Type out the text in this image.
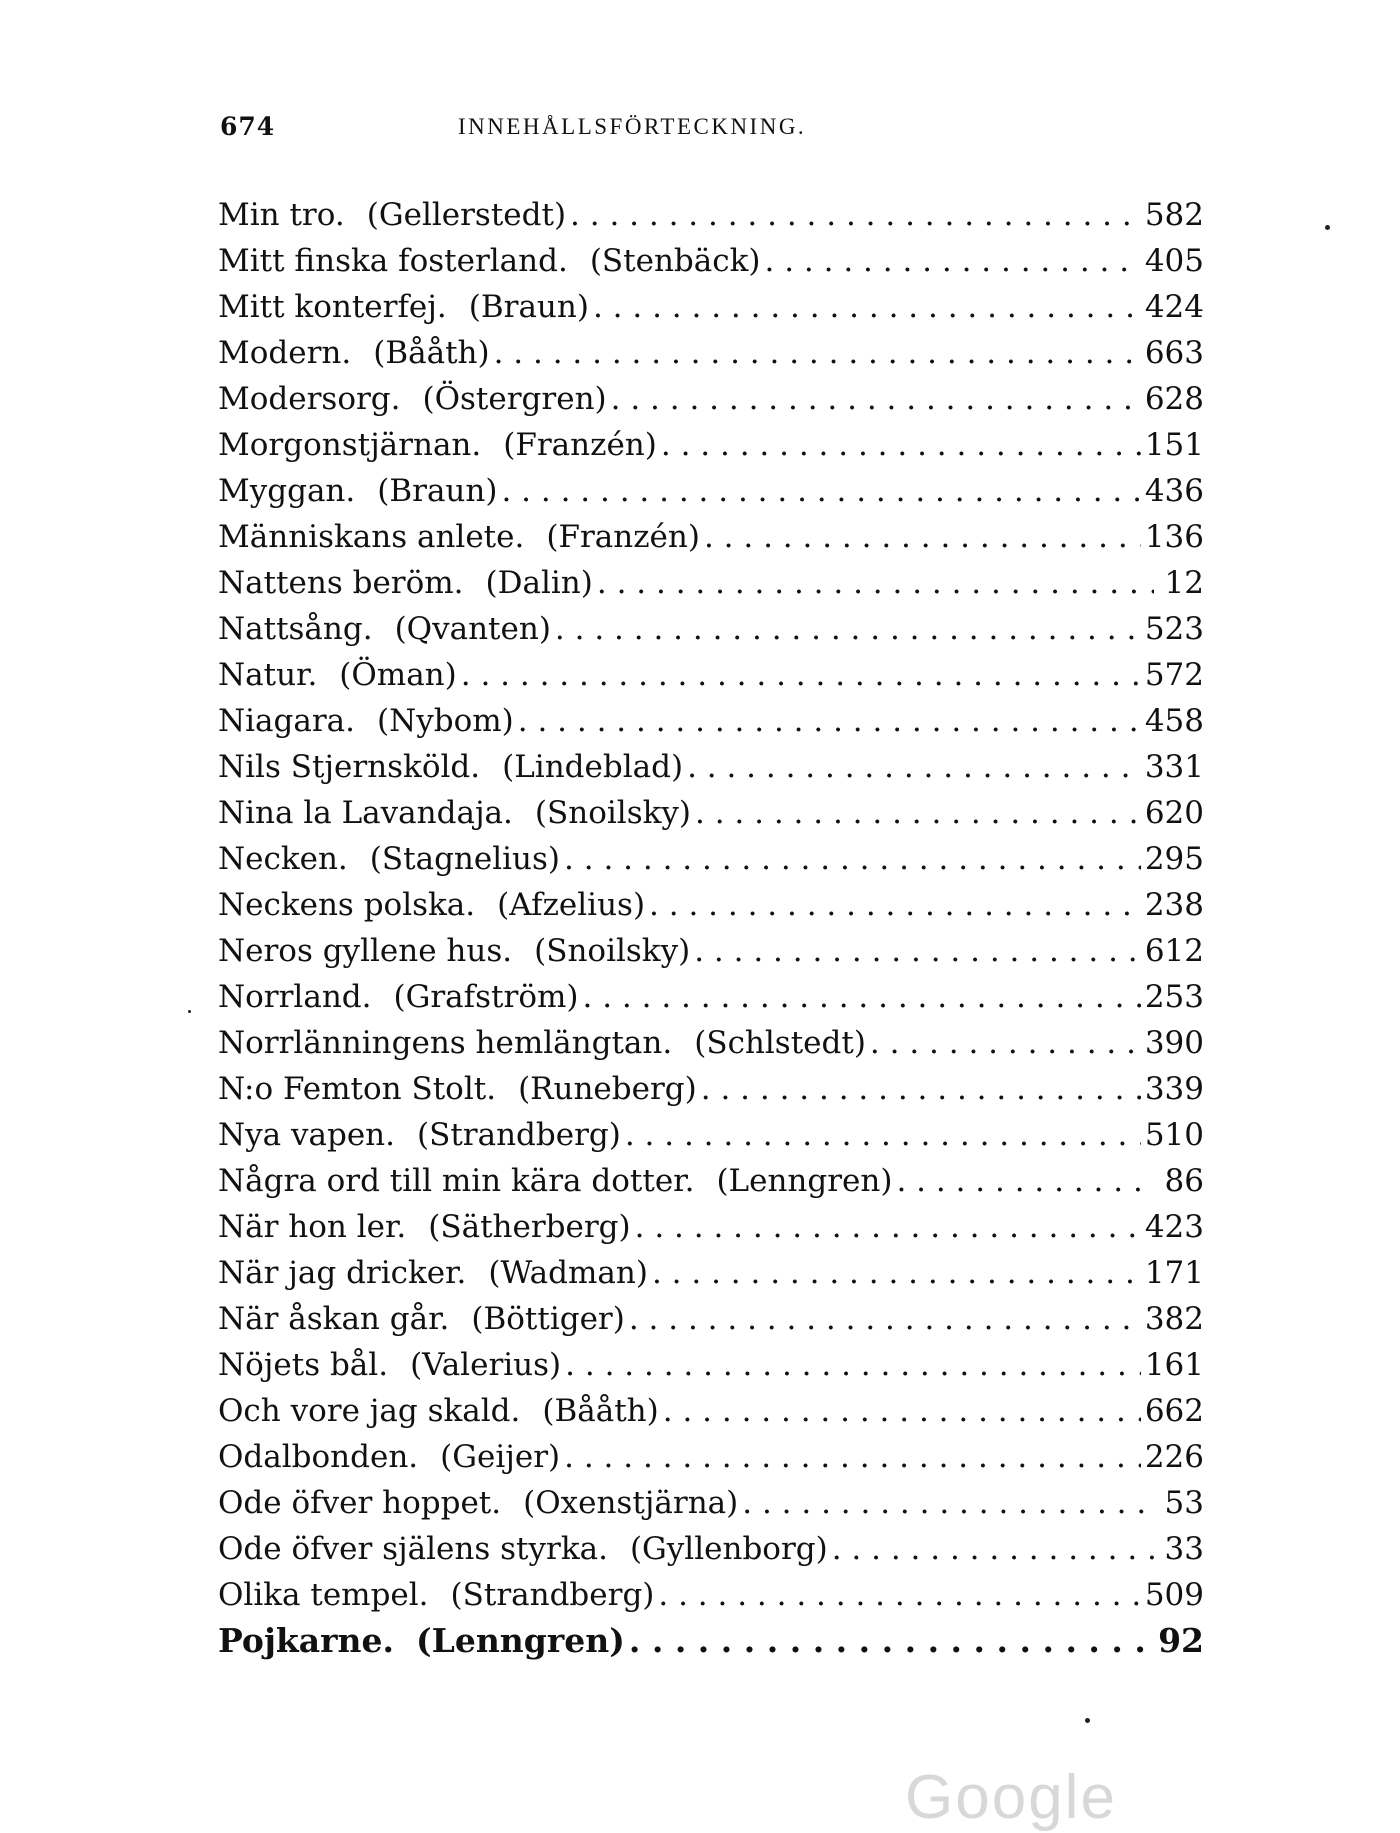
674	INNEHÅLLSFÖRTECKNING.
Min tro. (Gellerstedt) . . .	582
Mitt finska fosterland. (Stenbäck) . . .	405
Mitt konterfej. (Braun) . . .	424
Modern. (Bååth) . . .	663
Modersorg. (Östergren) . . .	628
Morgonstjärnan. (Franzén) . . .	151
Myggan. (Braun) . . .	436
Människans anlete. (Franzén) . . .	136
Nattens beröm. (Dalin) . . .	12
Nattsång. (Qvanten) . . .	523
Natur. (Öman) . . .	572
Niagara. (Nybom) . . .	458
Nils Stjernsköld. (Lindeblad) . . .	331
Nina la Lavandaja. (Snoilsky) . . .	620
Necken. (Stagnelius) . . .	295
Neckens polska. (Afzelius) . . .	238
Neros gyllene hus. (Snoilsky) . . .	612
Norrland. (Grafström) . . .	253
Norrlänningens hemlängtan. (Schlstedt) . . .	390
N:o Femton Stolt. (Runeberg) . . .	339
Nya vapen. (Strandberg) . . .	510
Några ord till min kära dotter. (Lenngren) . . .	86
När hon ler. (Sätherberg) . . .	423
När jag dricker. (Wadman) . . .	171
När åskan går. (Böttiger) . . .	382
Nöjets bål. (Valerius) . . .	161
Och vore jag skald. (Bååth) . . .	662
Odalbonden. (Geijer) . . .	226
Ode öfver hoppet. (Oxenstjärna) . . .	53
Ode öfver själens styrka. (Gyllenborg) . . .	33
Olika tempel. (Strandberg) . . .	509
Pojkarne. (Lenngren) . . .	92
Google
